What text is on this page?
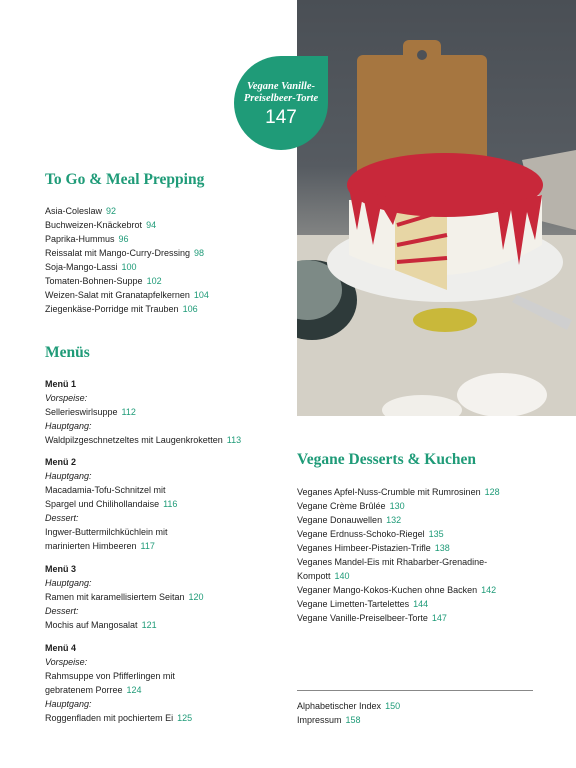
Vegane Vanille-Preiselbeer-Torte
147
To Go & Meal Prepping
Asia-Coleslaw 92
Buchweizen-Knäckebrot 94
Paprika-Hummus 96
Reissalat mit Mango-Curry-Dressing 98
Soja-Mango-Lassi 100
Tomaten-Bohnen-Suppe 102
Weizen-Salat mit Granatapfelkernen 104
Ziegenkäse-Porridge mit Trauben 106
Menüs
Menü 1
Vorspeise:
Sellerieswirlsuppe 112
Hauptgang:
Waldpilzgeschnetzeltes mit Laugenkroketten 113
Menü 2
Hauptgang:
Macadamia-Tofu-Schnitzel mit
Spargel und Chilihollandaise 116
Dessert:
Ingwer-Buttermilchküchlein mit
marinierten Himbeeren 117
Menü 3
Hauptgang:
Ramen mit karamellisiertem Seitan 120
Dessert:
Mochis auf Mangosalat 121
Menü 4
Vorspeise:
Rahmsuppe von Pfifferlingen mit
gebratenem Porree 124
Hauptgang:
Roggenfladen mit pochiertem Ei 125
Vegane Desserts & Kuchen
Veganes Apfel-Nuss-Crumble mit Rumrosinen 128
Vegane Crème Brûlée 130
Vegane Donauwellen 132
Vegane Erdnuss-Schoko-Riegel 135
Veganes Himbeer-Pistazien-Trifle 138
Veganes Mandel-Eis mit Rhabarber-Grenadine-
Kompott 140
Veganer Mango-Kokos-Kuchen ohne Backen 142
Vegane Limetten-Tartelettes 144
Vegane Vanille-Preiselbeer-Torte 147
Alphabetischer Index 150
Impressum 158
